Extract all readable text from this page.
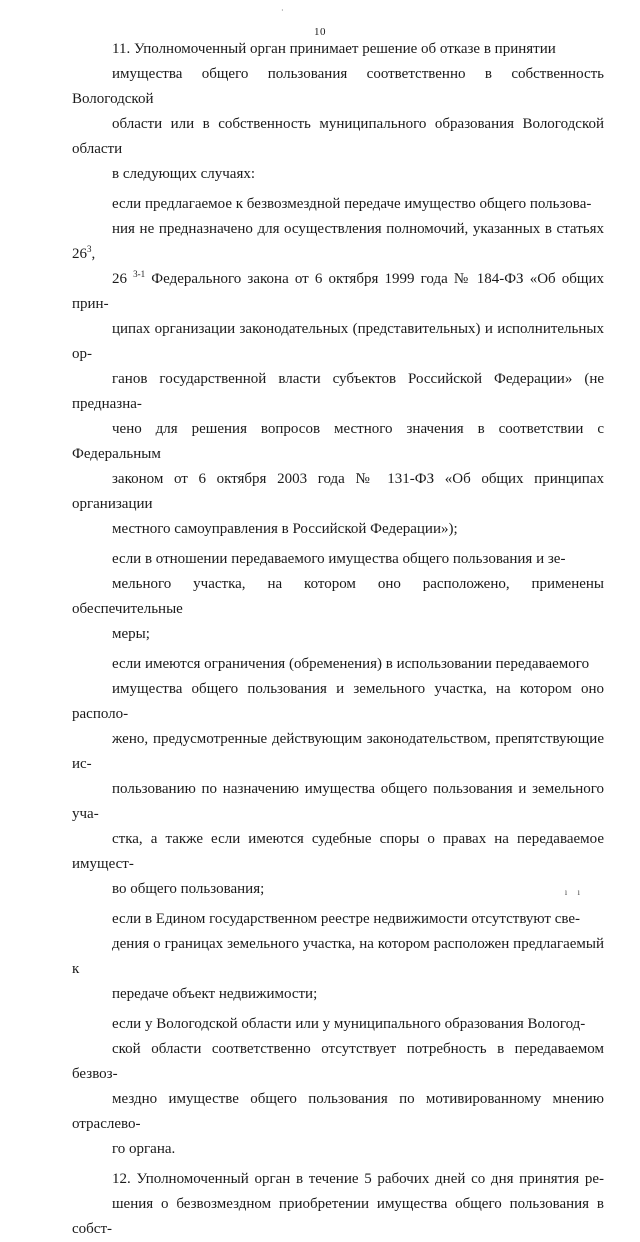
·
10

11. Уполномоченный орган принимает решение об отказе в принятии
имущества общего пользования соответственно в собственность Вологодской
области или в собственность муниципального образования Вологодской области
в следующих случаях:

если предлагаемое к безвозмездной передаче имущество общего пользова-
ния не предназначено для осуществления полномочий, указанных в статьях $26^3$,
26 $^{3-1}$ Федерального закона от 6 октября 1999 года № 184-ФЗ «Об общих прин-
ципах организации законодательных (представительных) и исполнительных ор-
ганов государственной власти субъектов Российской Федерации» (не предназна-
чено для решения вопросов местного значения в соответствии с Федеральным
законом от 6 октября 2003 года № 131-ФЗ «Об общих принципах организации
местного самоуправления в Российской Федерации»);

если в отношении передаваемого имущества общего пользования и зе-
мельного участка, на котором оно расположено, применены обеспечительные
меры;

если имеются ограничения (обременения) в использовании передаваемого
имущества общего пользования и земельного участка, на котором оно располо-
жено, предусмотренные действующим законодательством, препятствующие ис-
пользованию по назначению имущества общего пользования и земельного уча-
стка, а также если имеются судебные споры о правах на передаваемое имущест-
во общего пользования;

если в Едином государственном реестре недвижимости отсутствуют све-
дения о границах земельного участка, на котором расположен предлагаемый к
передаче объект недвижимости;

если у Вологодской области или у муниципального образования Вологод-
ской области соответственно отсутствует потребность в передаваемом безвоз-
мездно имуществе общего пользования по мотивированному мнению отраслево-
го органа.

12. Уполномоченный орган в течение 5 рабочих дней со дня принятия ре-
шения о безвозмездном приобретении имущества общего пользования в собст-

ı ı
